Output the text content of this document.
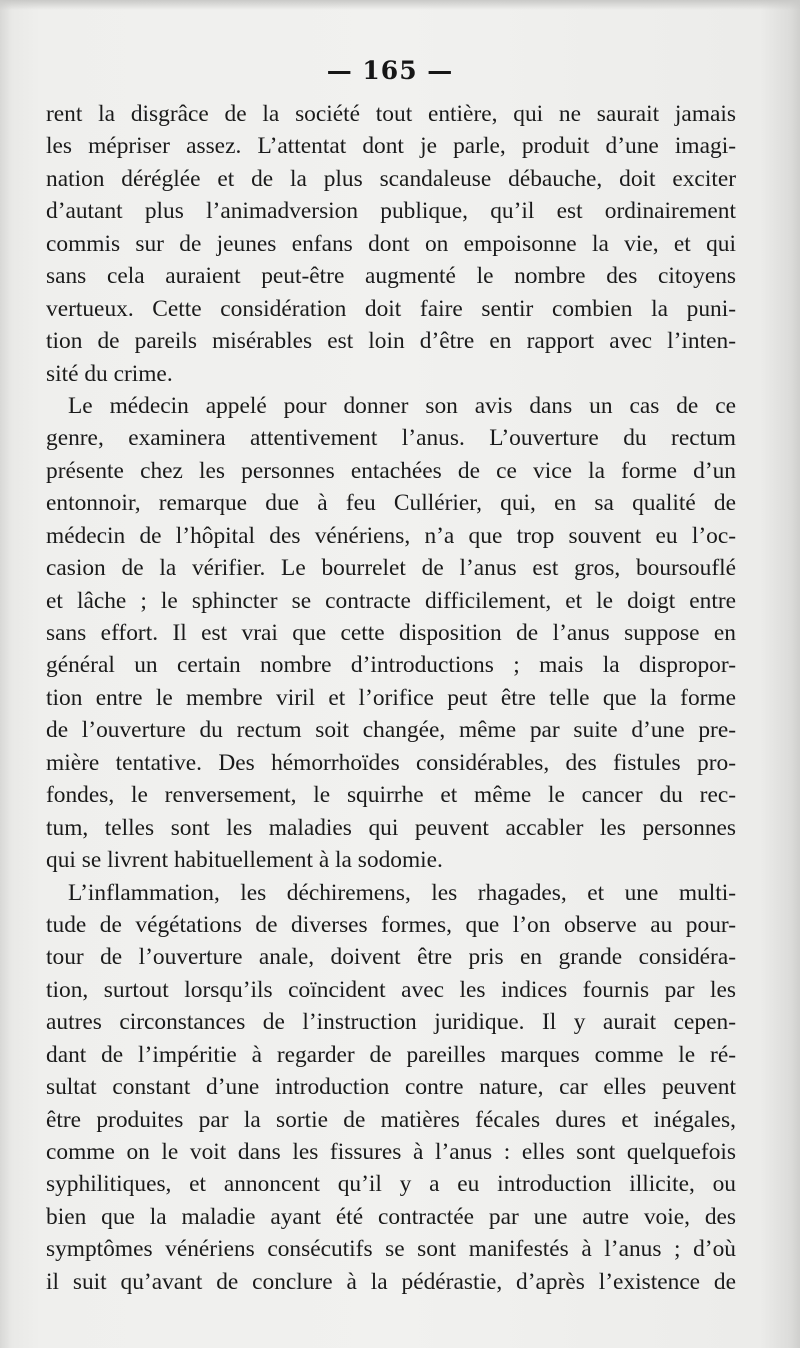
— 165 —
rent la disgrâce de la société tout entière, qui ne saurait jamais
les mépriser assez. L’attentat dont je parle, produit d’une imagi-
nation déréglée et de la plus scandaleuse débauche, doit exciter
d’autant plus l’animadversion publique, qu’il est ordinairement
commis sur de jeunes enfans dont on empoisonne la vie, et qui
sans cela auraient peut-être augmenté le nombre des citoyens
vertueux. Cette considération doit faire sentir combien la puni-
tion de pareils misérables est loin d’être en rapport avec l’inten-
sité du crime.
Le médecin appelé pour donner son avis dans un cas de ce
genre, examinera attentivement l’anus. L’ouverture du rectum
présente chez les personnes entachées de ce vice la forme d’un
entonnoir, remarque due à feu Cullérier, qui, en sa qualité de
médecin de l’hôpital des vénériens, n’a que trop souvent eu l’oc-
casion de la vérifier. Le bourrelet de l’anus est gros, boursouflé
et lâche ; le sphincter se contracte difficilement, et le doigt entre
sans effort. Il est vrai que cette disposition de l’anus suppose en
général un certain nombre d’introductions ; mais la dispropor-
tion entre le membre viril et l’orifice peut être telle que la forme
de l’ouverture du rectum soit changée, même par suite d’une pre-
mière tentative. Des hémorrhoïdes considérables, des fistules pro-
fondes, le renversement, le squirrhe et même le cancer du rec-
tum, telles sont les maladies qui peuvent accabler les personnes
qui se livrent habituellement à la sodomie.
L’inflammation, les déchiremens, les rhagades, et une multi-
tude de végétations de diverses formes, que l’on observe au pour-
tour de l’ouverture anale, doivent être pris en grande considéra-
tion, surtout lorsqu’ils coïncident avec les indices fournis par les
autres circonstances de l’instruction juridique. Il y aurait cepen-
dant de l’impéritie à regarder de pareilles marques comme le ré-
sultat constant d’une introduction contre nature, car elles peuvent
être produites par la sortie de matières fécales dures et inégales,
comme on le voit dans les fissures à l’anus : elles sont quelquefois
syphilitiques, et annoncent qu’il y a eu introduction illicite, ou
bien que la maladie ayant été contractée par une autre voie, des
symptômes vénériens consécutifs se sont manifestés à l’anus ; d’où
il suit qu’avant de conclure à la pédérastie, d’après l’existence de
